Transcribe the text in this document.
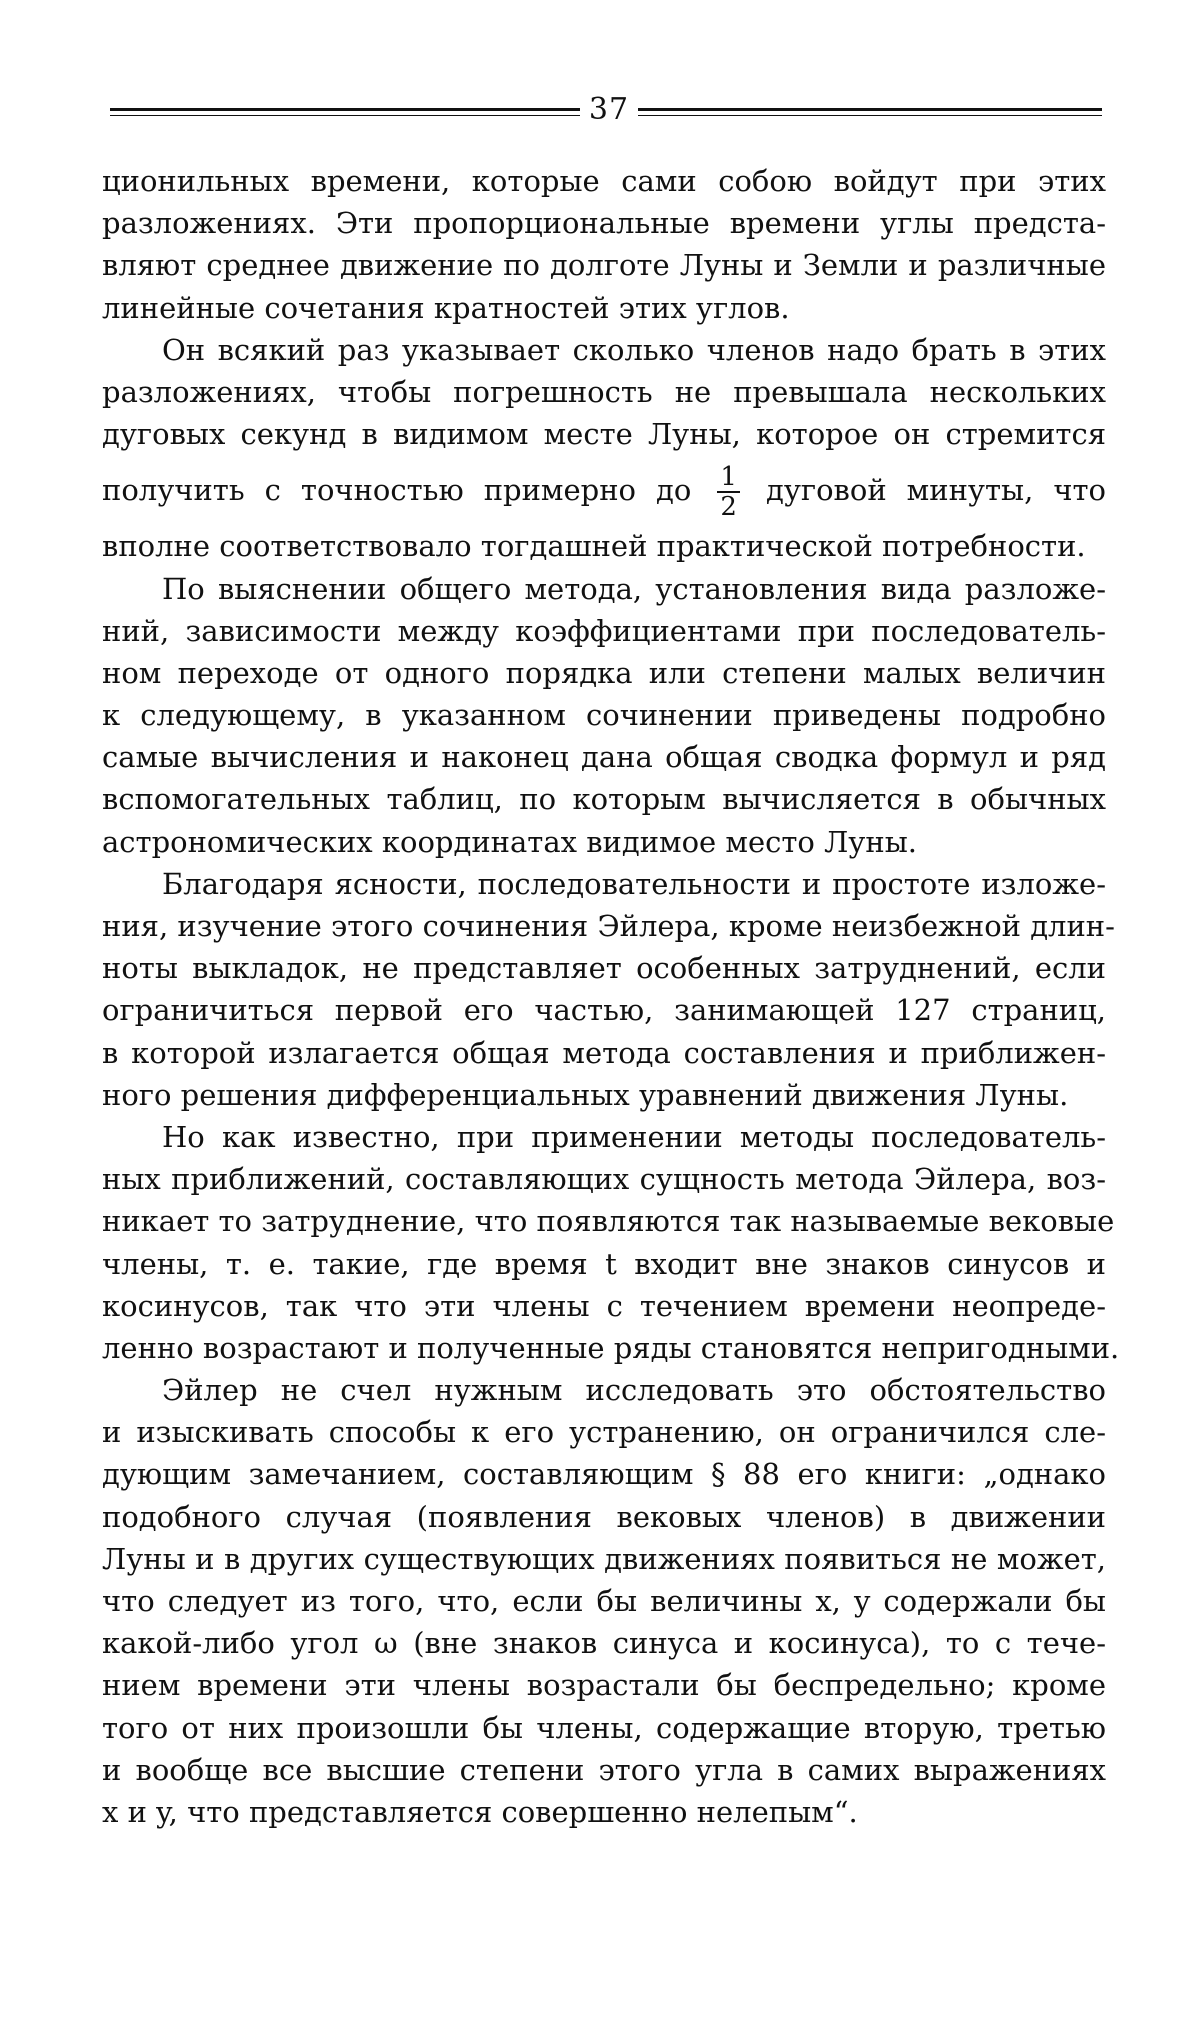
37
ционильных времени, которые сами собою войдут при этих
разложениях. Эти пропорциональные времени углы предста-
вляют среднее движение по долготе Луны и Земли и различные
линейные сочетания кратностей этих углов.
Он всякий раз указывает сколько членов надо брать в этих
разложениях, чтобы погрешность не превышала нескольких
дуговых секунд в видимом месте Луны, которое он стремится
получить с точностью примерно до $\frac{1}{2}$ дуговой минуты, что
вполне соответствовало тогдашней практической потребности.
По выяснении общего метода, установления вида разложе-
ний, зависимости между коэффициентами при последователь-
ном переходе от одного порядка или степени малых величин
к следующему, в указанном сочинении приведены подробно
самые вычисления и наконец дана общая сводка формул и ряд
вспомогательных таблиц, по которым вычисляется в обычных
астрономических координатах видимое место Луны.
Благодаря ясности, последовательности и простоте изложе-
ния, изучение этого сочинения Эйлера, кроме неизбежной длин-
ноты выкладок, не представляет особенных затруднений, если
ограничиться первой его частью, занимающей 127 страниц,
в которой излагается общая метода составления и приближен-
ного решения дифференциальных уравнений движения Луны.
Но как известно, при применении методы последователь-
ных приближений, составляющих сущность метода Эйлера, воз-
никает то затруднение, что появляются так называемые вековые
члены, т. е. такие, где время t входит вне знаков синусов и
косинусов, так что эти члены с течением времени неопреде-
ленно возрастают и полученные ряды становятся непригодными.
Эйлер не счел нужным исследовать это обстоятельство
и изыскивать способы к его устранению, он ограничился сле-
дующим замечанием, составляющим § 88 его книги: „однако
подобного случая (появления вековых членов) в движении
Луны и в других существующих движениях появиться не может,
что следует из того, что, если бы величины x, y содержали бы
какой-либо угол ω (вне знаков синуса и косинуса), то с тече-
нием времени эти члены возрастали бы беспредельно; кроме
того от них произошли бы члены, содержащие вторую, третью
и вообще все высшие степени этого угла в самих выражениях
x и y, что представляется совершенно нелепым“.
